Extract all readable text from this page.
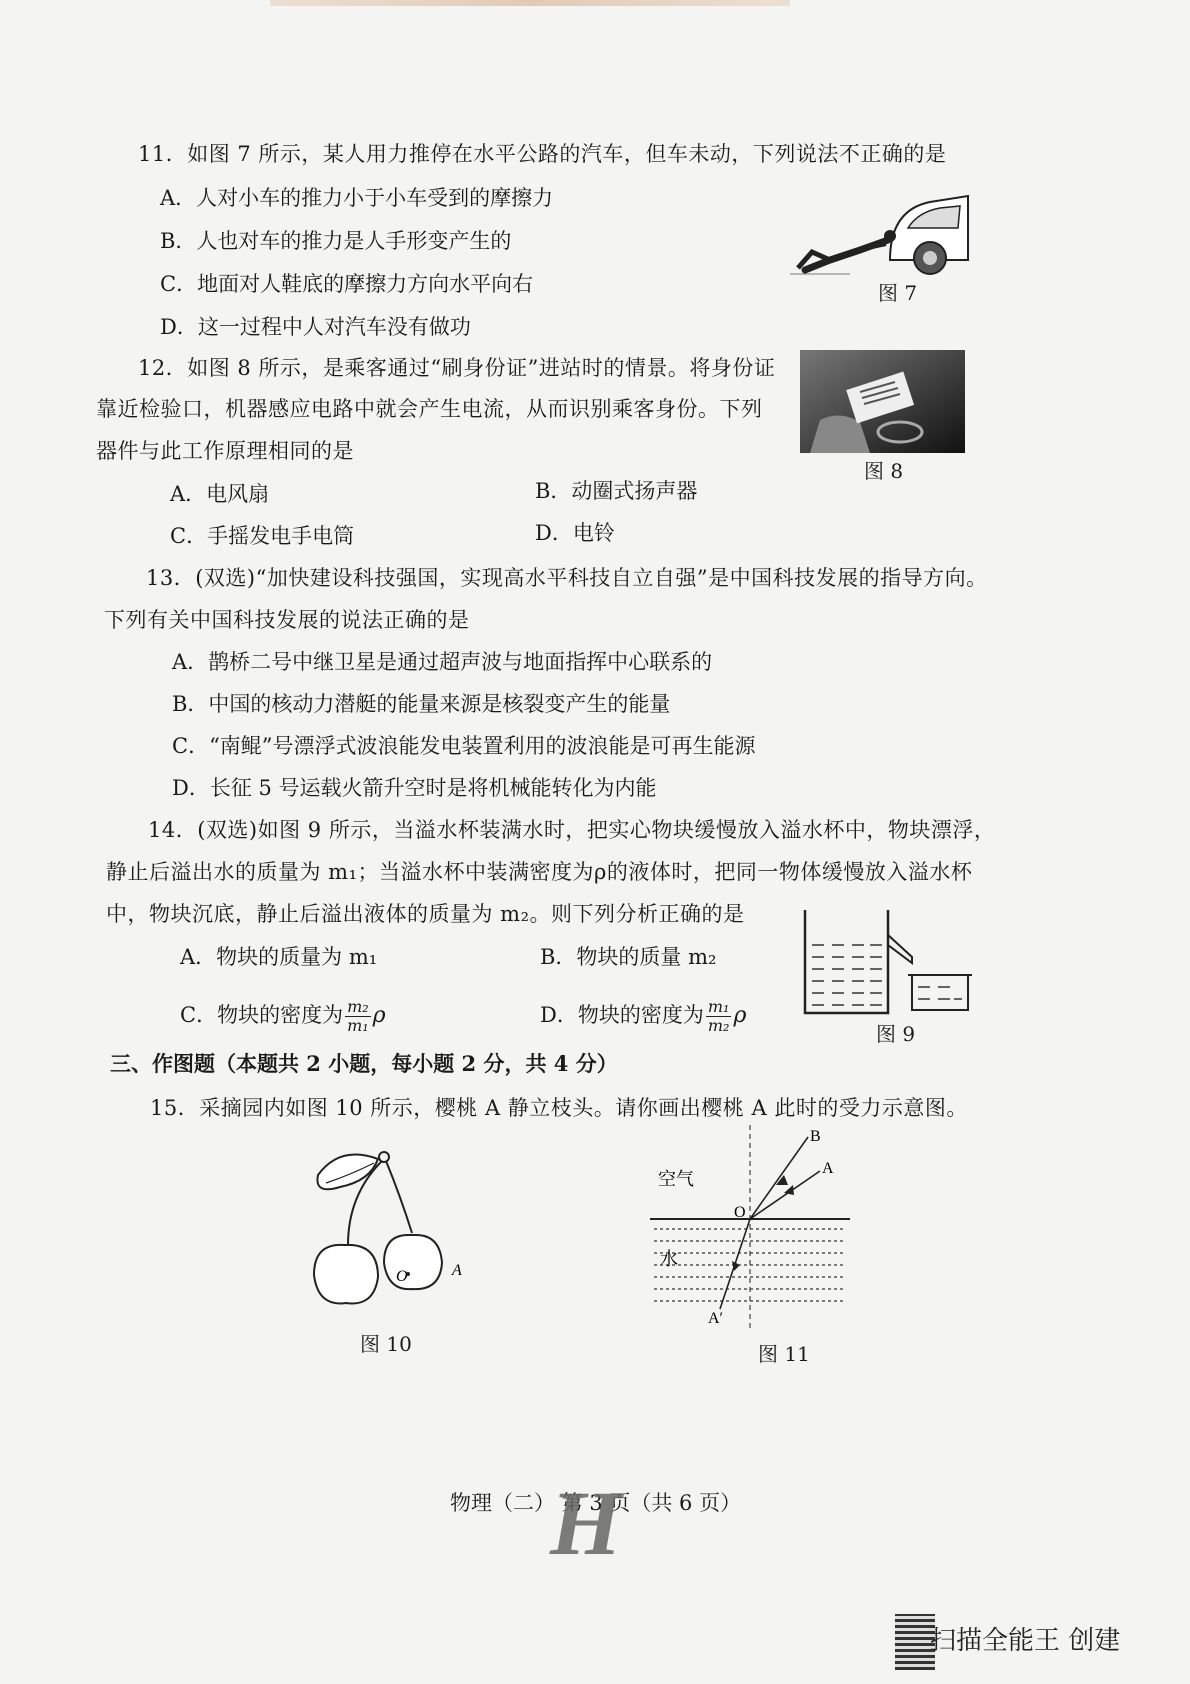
11．如图 7 所示，某人用力推停在水平公路的汽车，但车未动，下列说法不正确的是
A．人对小车的推力小于小车受到的摩擦力
B．人也对车的推力是人手形变产生的
C．地面对人鞋底的摩擦力方向水平向右
D．这一过程中人对汽车没有做功
图 7
12．如图 8 所示，是乘客通过“刷身份证”进站时的情景。将身份证
靠近检验口，机器感应电路中就会产生电流，从而识别乘客身份。下列
器件与此工作原理相同的是
图 8
A．电风扇	B．动圈式扬声器
C．手摇发电手电筒	D．电铃
13．(双选)“加快建设科技强国，实现高水平科技自立自强”是中国科技发展的指导方向。
下列有关中国科技发展的说法正确的是
A．鹊桥二号中继卫星是通过超声波与地面指挥中心联系的
B．中国的核动力潜艇的能量来源是核裂变产生的能量
C．“南鲲”号漂浮式波浪能发电装置利用的波浪能是可再生能源
D．长征 5 号运载火箭升空时是将机械能转化为内能
14．(双选)如图 9 所示，当溢水杯装满水时，把实心物块缓慢放入溢水杯中，物块漂浮，
静止后溢出水的质量为 m₁；当溢水杯中装满密度为ρ的液体时，把同一物体缓慢放入溢水杯
中，物块沉底，静止后溢出液体的质量为 m₂。则下列分析正确的是
A．物块的质量为 m₁	B．物块的质量 m₂
C．物块的密度为 $\frac{\text{m₂}}{\text{m₁}}$ ρ	D．物块的密度为 $\frac{\text{m₁}}{\text{m₂}}$ ρ
图 9
三、作图题（本题共 2 小题，每小题 2 分，共 4 分）
15．采摘园内如图 10 所示，樱桃 A 静立枝头。请你画出樱桃 A 此时的受力示意图。
O	A
图 10
B
A
O
A′
空气
水
图 11
物理（二） 第 3 页（共 6 页）
H
扫描全能王 创建
